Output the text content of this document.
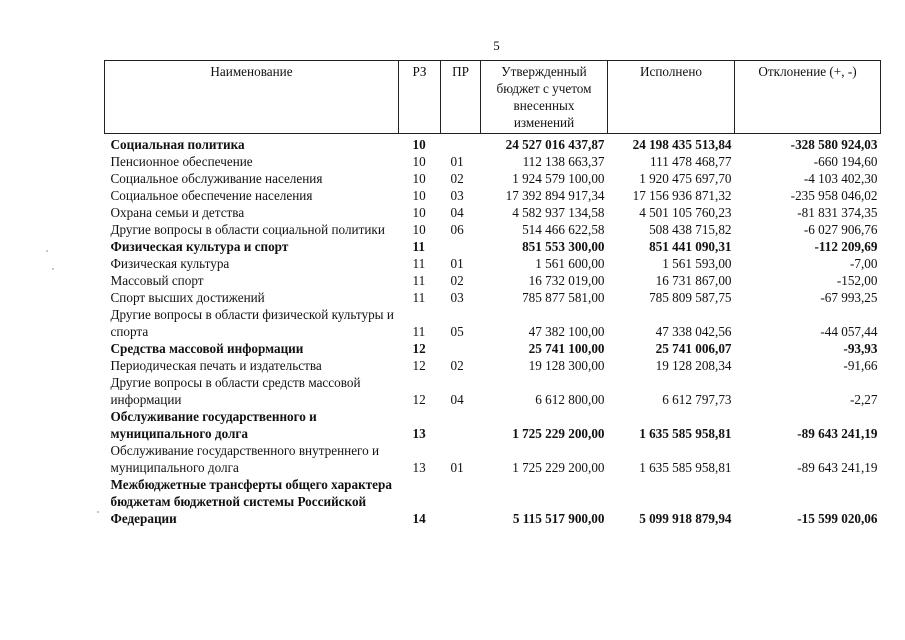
5
Наименование	РЗ	ПР	Утвержденный бюджет с учетом внесенных изменений	Исполнено	Отклонение (+, -)
Социальная политика	10		24 527 016 437,87	24 198 435 513,84	-328 580 924,03
Пенсионное обеспечение	10	01	112 138 663,37	111 478 468,77	-660 194,60
Социальное обслуживание населения	10	02	1 924 579 100,00	1 920 475 697,70	-4 103 402,30
Социальное обеспечение населения	10	03	17 392 894 917,34	17 156 936 871,32	-235 958 046,02
Охрана семьи и детства	10	04	4 582 937 134,58	4 501 105 760,23	-81 831 374,35
Другие вопросы в области социальной политики	10	06	514 466 622,58	508 438 715,82	-6 027 906,76
Физическая культура и спорт	11		851 553 300,00	851 441 090,31	-112 209,69
Физическая культура	11	01	1 561 600,00	1 561 593,00	-7,00
Массовый спорт	11	02	16 732 019,00	16 731 867,00	-152,00
Спорт высших достижений	11	03	785 877 581,00	785 809 587,75	-67 993,25
Другие вопросы в области физической культуры и спорта	11	05	47 382 100,00	47 338 042,56	-44 057,44
Средства массовой информации	12		25 741 100,00	25 741 006,07	-93,93
Периодическая печать и издательства	12	02	19 128 300,00	19 128 208,34	-91,66
Другие вопросы в области средств массовой информации	12	04	6 612 800,00	6 612 797,73	-2,27
Обслуживание государственного и муниципального долга	13		1 725 229 200,00	1 635 585 958,81	-89 643 241,19
Обслуживание государственного внутреннего и муниципального долга	13	01	1 725 229 200,00	1 635 585 958,81	-89 643 241,19
Межбюджетные трансферты общего характера бюджетам бюджетной системы Российской Федерации	14		5 115 517 900,00	5 099 918 879,94	-15 599 020,06
